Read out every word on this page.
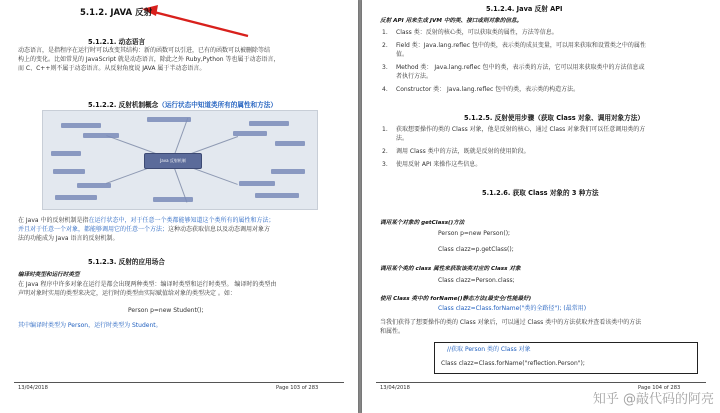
5.1.2. JAVA 反射
5.1.2.1. 动态语言
动态语言，是指程序在运行时可以改变其结构：新的函数可以引进，已有的函数可以被删除等结
构上的变化。比如常见的 JavaScript 就是动态语言，除此之外 Ruby,Python 等也属于动态语言，
而 C、C++则不属于动态语言。从反射角度说 JAVA 属于半动态语言。
5.1.2.2. 反射机制概念（运行状态中知道类所有的属性和方法）
Java 反射机制
在 Java 中的反射机制是指在运行状态中，对于任意一个类都能够知道这个类所有的属性和方法；
并且对于任意一个对象，都能够调用它的任意一个方法；这种动态获取信息以及动态调用对象方
法的功能成为 Java 语言的反射机制。
5.1.2.3. 反射的应用场合
编译时类型和运行时类型
在 Java 程序中许多对象在运行是都会出现两种类型：编译时类型和运行时类型。 编译时的类型由
声明对象时实用的类型来决定，运行时的类型由实际赋值给对象的类型决定 。如：
Person p=new Student();
其中编译时类型为 Person，运行时类型为 Student。
13/04/2018	Page 103 of 283
5.1.2.4. Java 反射 API
反射 API 用来生成 JVM 中的类、接口或则对象的信息。
1. Class 类：反射的核心类，可以获取类的属性，方法等信息。
2. Field 类：Java.lang.reflec 包中的类，表示类的成员变量，可以用来获取和设置类之中的属性
值。
3. Method 类： Java.lang.reflec 包中的类，表示类的方法，它可以用来获取类中的方法信息或
者执行方法。
4. Constructor 类： Java.lang.reflec 包中的类，表示类的构造方法。
5.1.2.5. 反射使用步骤（获取 Class 对象、调用对象方法）
1. 获取想要操作的类的 Class 对象，他是反射的核心，通过 Class 对象我们可以任意调用类的方
法。
2. 调用 Class 类中的方法，既就是反射的使用阶段。
3. 使用反射 API 来操作这些信息。
5.1.2.6. 获取 Class 对象的 3 种方法
调用某个对象的 getClass()方法
Person p=new Person();
Class clazz=p.getClass();
调用某个类的 class 属性来获取该类对应的 Class 对象
Class clazz=Person.class;
使用 Class 类中的 forName()静态方法(最安全/性能最好)
Class clazz=Class.forName("类的全路径"); (最常用)
当我们获得了想要操作的类的 Class 对象后，可以通过 Class 类中的方法获取并查看该类中的方法
和属性。
//获取 Person 类的 Class 对象
Class clazz=Class.forName("reflection.Person");
13/04/2018	Page 104 of 283
知乎 @敲代码的阿亮
